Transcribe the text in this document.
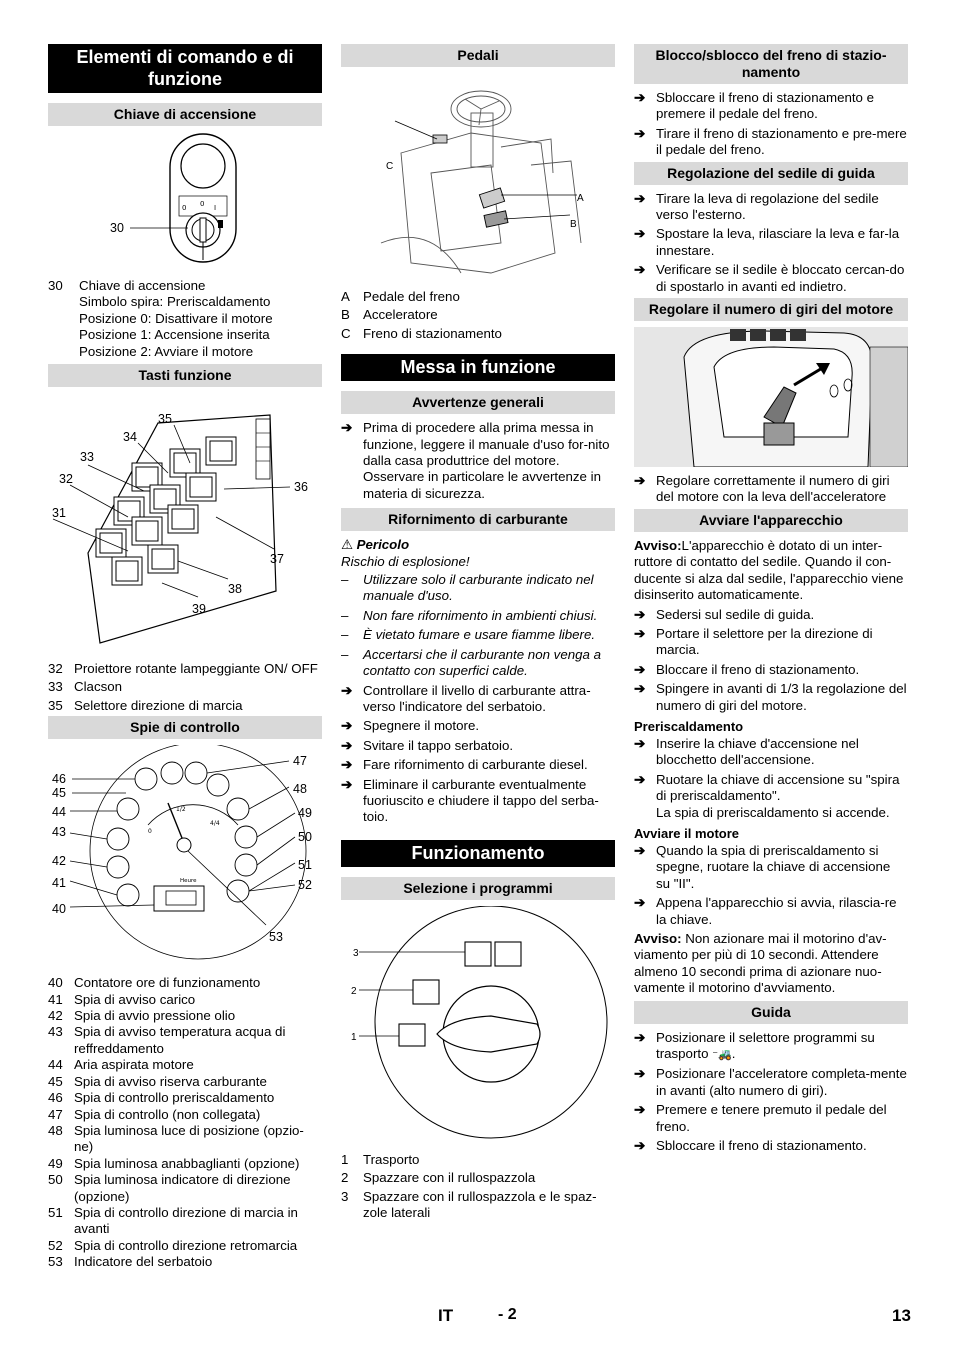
Elementi di comando e di funzione
Chiave di accensione
0 0 I
30
30	Chiave di accensione
Simbolo spira: Preriscaldamento
Posizione 0: Disattivare il motore
Posizione 1: Accensione inserita
Posizione 2: Avviare il motore
Tasti funzione
31
32
33
34
35
36
37
38
39
32 Proiettore rotante lampeggiante ON/ OFF
33 Clacson
35 Selettore direzione di marcia
Spie di controllo
1/2
4/4
0
Heure
40
41
42
43
44
45
46
47
48
49
50
51
52
53
40 Contatore ore di funzionamento
41 Spia di avviso carico
42 Spia di avvio pressione olio
43 Spia di avviso temperatura acqua di reffreddamento
44 Aria aspirata motore
45 Spia di avviso riserva carburante
46 Spia di controllo preriscaldamento
47 Spia di controllo (non collegata)
48 Spia luminosa luce di posizione (opzio-ne)
49 Spia luminosa anabbaglianti (opzione)
50 Spia luminosa indicatore di direzione (opzione)
51 Spia di controllo direzione di marcia in avanti
52 Spia di controllo direzione retromarcia
53 Indicatore del serbatoio
Pedali
A
B
C
A Pedale del freno
B Acceleratore
C Freno di stazionamento
Messa in funzione
Avvertenze generali
➔ Prima di procedere alla prima messa in funzione, leggere il manuale d'uso for-nito dalla casa produttrice del motore. Osservare in particolare le avvertenze in materia di sicurezza.
Rifornimento di carburante
⚠ Pericolo
Rischio di esplosione!
–	Utilizzare solo il carburante indicato nel manuale d'uso.
–	Non fare rifornimento in ambienti chiusi.
–	È vietato fumare e usare fiamme libere.
–	Accertarsi che il carburante non venga a contatto con superfici calde.
➔ Controllare il livello di carburante attra-verso l'indicatore del serbatoio.
➔ Spegnere il motore.
➔ Svitare il tappo serbatoio.
➔ Fare rifornimento di carburante diesel.
➔ Eliminare il carburante eventualmente fuoriuscito e chiudere il tappo del serba-toio.
Funzionamento
Selezione i programmi
1
2
3
1	Trasporto
2	Spazzare con il rullospazzola
3	Spazzare con il rullospazzola e le spaz-zole laterali
Blocco/sblocco del freno di stazio-namento
➔ Sbloccare il freno di stazionamento e premere il pedale del freno.
➔ Tirare il freno di stazionamento e pre-mere il pedale del freno.
Regolazione del sedile di guida
➔ Tirare la leva di regolazione del sedile verso l'esterno.
➔ Spostare la leva, rilasciare la leva e far-la innestare.
➔ Verificare se il sedile è bloccato cercan-do di spostarlo in avanti ed indietro.
Regolare il numero di giri del motore
➔ Regolare correttamente il numero di giri del motore con la leva dell'acceleratore
Avviare l'apparecchio
Avviso:L'apparecchio è dotato di un inter-ruttore di contatto del sedile. Quando il con-ducente si alza dal sedile, l'apparecchio viene disinserito automaticamente.
➔ Sedersi sul sedile di guida.
➔ Portare il selettore per la direzione di marcia.
➔ Bloccare il freno di stazionamento.
➔ Spingere in avanti di 1/3 la regolazione del numero di giri del motore.
Preriscaldamento
➔ Inserire la chiave d'accensione nel blocchetto dell'accensione.
➔ Ruotare la chiave di accensione su "spira di preriscaldamento".
La spia di preriscaldamento si accende.
Avviare il motore
➔ Quando la spia di preriscaldamento si spegne, ruotare la chiave di accensione su "II".
➔ Appena l'apparecchio si avvia, rilascia-re la chiave.
Avviso: Non azionare mai il motorino d'av-viamento per più di 10 secondi. Attendere almeno 10 secondi prima di azionare nuo-vamente il motorino d'avviamento.
Guida
➔ Posizionare il selettore programmi su trasporto ⁻🚜.
➔ Posizionare l'acceleratore completa-mente in avanti (alto numero di giri).
➔ Premere e tenere premuto il pedale del freno.
➔ Sbloccare il freno di stazionamento.
IT	- 2	13
